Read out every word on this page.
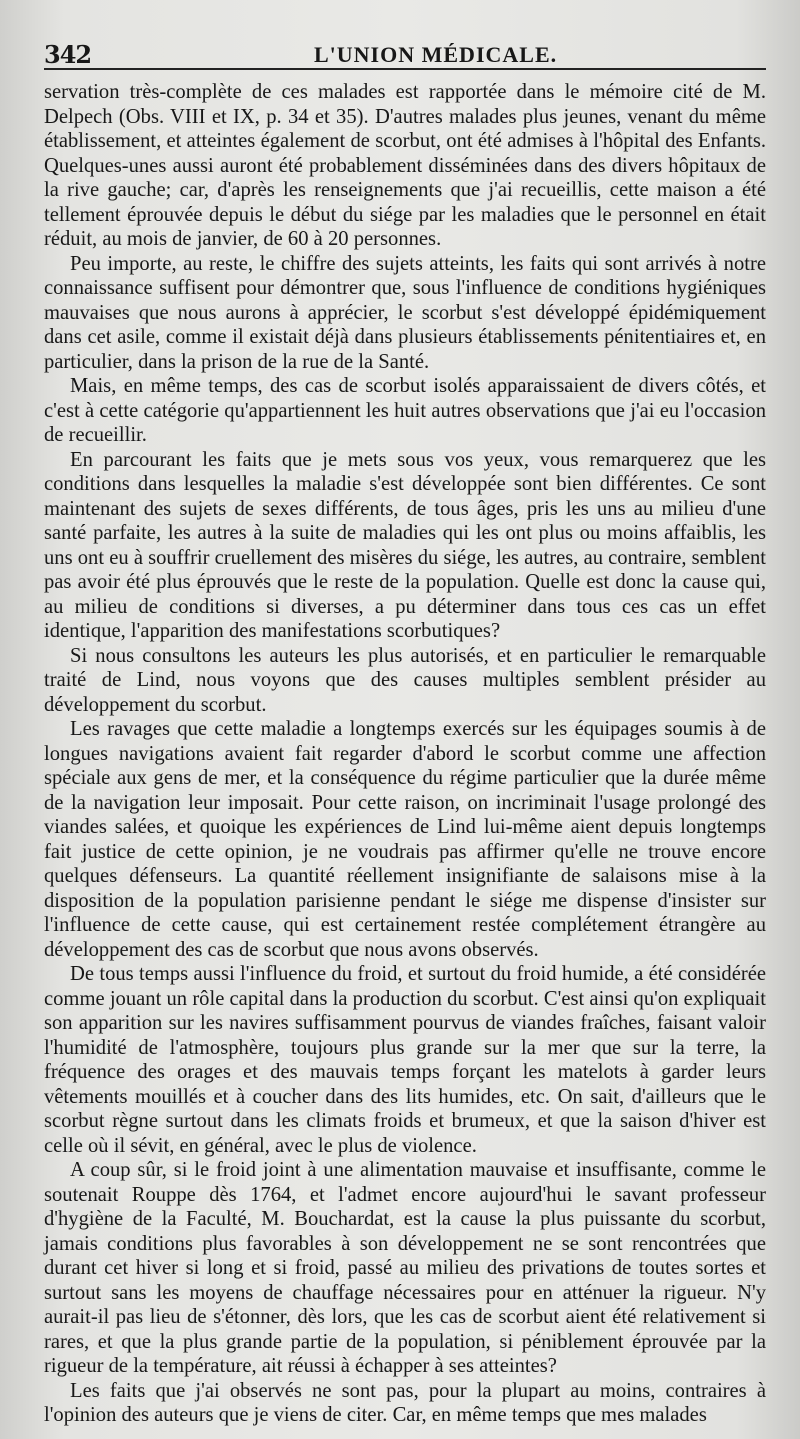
342	L'UNION MÉDICALE.

servation très-complète de ces malades est rapportée dans le mémoire cité de M. Delpech (Obs. VIII et IX, p. 34 et 35). D'autres malades plus jeunes, venant du même établissement, et atteintes également de scorbut, ont été admises à l'hôpital des Enfants. Quelques-unes aussi auront été probablement disséminées dans des divers hôpitaux de la rive gauche; car, d'après les renseignements que j'ai recueillis, cette maison a été tellement éprouvée depuis le début du siége par les maladies que le personnel en était réduit, au mois de janvier, de 60 à 20 personnes.

Peu importe, au reste, le chiffre des sujets atteints, les faits qui sont arrivés à notre connaissance suffisent pour démontrer que, sous l'influence de conditions hygiéniques mauvaises que nous aurons à apprécier, le scorbut s'est développé épidémiquement dans cet asile, comme il existait déjà dans plusieurs établissements pénitentiaires et, en particulier, dans la prison de la rue de la Santé.

Mais, en même temps, des cas de scorbut isolés apparaissaient de divers côtés, et c'est à cette catégorie qu'appartiennent les huit autres observations que j'ai eu l'occasion de recueillir.

En parcourant les faits que je mets sous vos yeux, vous remarquerez que les conditions dans lesquelles la maladie s'est développée sont bien différentes. Ce sont maintenant des sujets de sexes différents, de tous âges, pris les uns au milieu d'une santé parfaite, les autres à la suite de maladies qui les ont plus ou moins affaiblis, les uns ont eu à souffrir cruellement des misères du siége, les autres, au contraire, semblent pas avoir été plus éprouvés que le reste de la population. Quelle est donc la cause qui, au milieu de conditions si diverses, a pu déterminer dans tous ces cas un effet identique, l'apparition des manifestations scorbutiques?

Si nous consultons les auteurs les plus autorisés, et en particulier le remarquable traité de Lind, nous voyons que des causes multiples semblent présider au développement du scorbut.

Les ravages que cette maladie a longtemps exercés sur les équipages soumis à de longues navigations avaient fait regarder d'abord le scorbut comme une affection spéciale aux gens de mer, et la conséquence du régime particulier que la durée même de la navigation leur imposait. Pour cette raison, on incriminait l'usage prolongé des viandes salées, et quoique les expériences de Lind lui-même aient depuis longtemps fait justice de cette opinion, je ne voudrais pas affirmer qu'elle ne trouve encore quelques défenseurs. La quantité réellement insignifiante de salaisons mise à la disposition de la population parisienne pendant le siége me dispense d'insister sur l'influence de cette cause, qui est certainement restée complétement étrangère au développement des cas de scorbut que nous avons observés.

De tous temps aussi l'influence du froid, et surtout du froid humide, a été considérée comme jouant un rôle capital dans la production du scorbut. C'est ainsi qu'on expliquait son apparition sur les navires suffisamment pourvus de viandes fraîches, faisant valoir l'humidité de l'atmosphère, toujours plus grande sur la mer que sur la terre, la fréquence des orages et des mauvais temps forçant les matelots à garder leurs vêtements mouillés et à coucher dans des lits humides, etc. On sait, d'ailleurs que le scorbut règne surtout dans les climats froids et brumeux, et que la saison d'hiver est celle où il sévit, en général, avec le plus de violence.

A coup sûr, si le froid joint à une alimentation mauvaise et insuffisante, comme le soutenait Rouppe dès 1764, et l'admet encore aujourd'hui le savant professeur d'hygiène de la Faculté, M. Bouchardat, est la cause la plus puissante du scorbut, jamais conditions plus favorables à son développement ne se sont rencontrées que durant cet hiver si long et si froid, passé au milieu des privations de toutes sortes et surtout sans les moyens de chauffage nécessaires pour en atténuer la rigueur. N'y aurait-il pas lieu de s'étonner, dès lors, que les cas de scorbut aient été relativement si rares, et que la plus grande partie de la population, si péniblement éprouvée par la rigueur de la température, ait réussi à échapper à ses atteintes?

Les faits que j'ai observés ne sont pas, pour la plupart au moins, contraires à l'opinion des auteurs que je viens de citer. Car, en même temps que mes malades
